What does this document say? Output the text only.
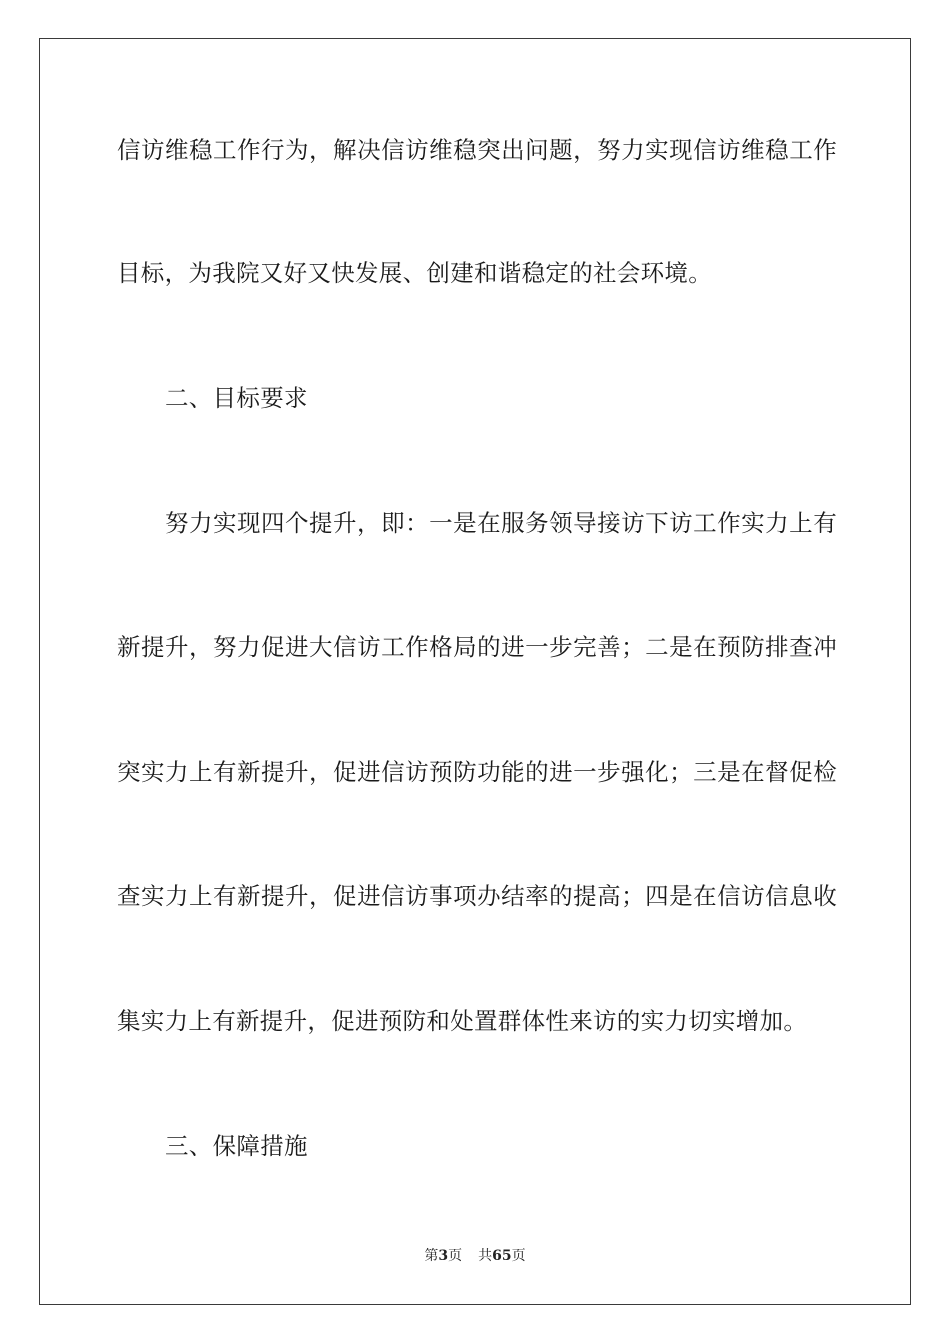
信访维稳工作行为，解决信访维稳突出问题，努力实现信访维稳工作
目标，为我院又好又快发展、创建和谐稳定的社会环境。
二、目标要求
努力实现四个提升，即：一是在服务领导接访下访工作实力上有
新提升，努力促进大信访工作格局的进一步完善；二是在预防排查冲
突实力上有新提升，促进信访预防功能的进一步强化；三是在督促检
查实力上有新提升，促进信访事项办结率的提高；四是在信访信息收
集实力上有新提升，促进预防和处置群体性来访的实力切实增加。
三、保障措施
第3页 共65页
